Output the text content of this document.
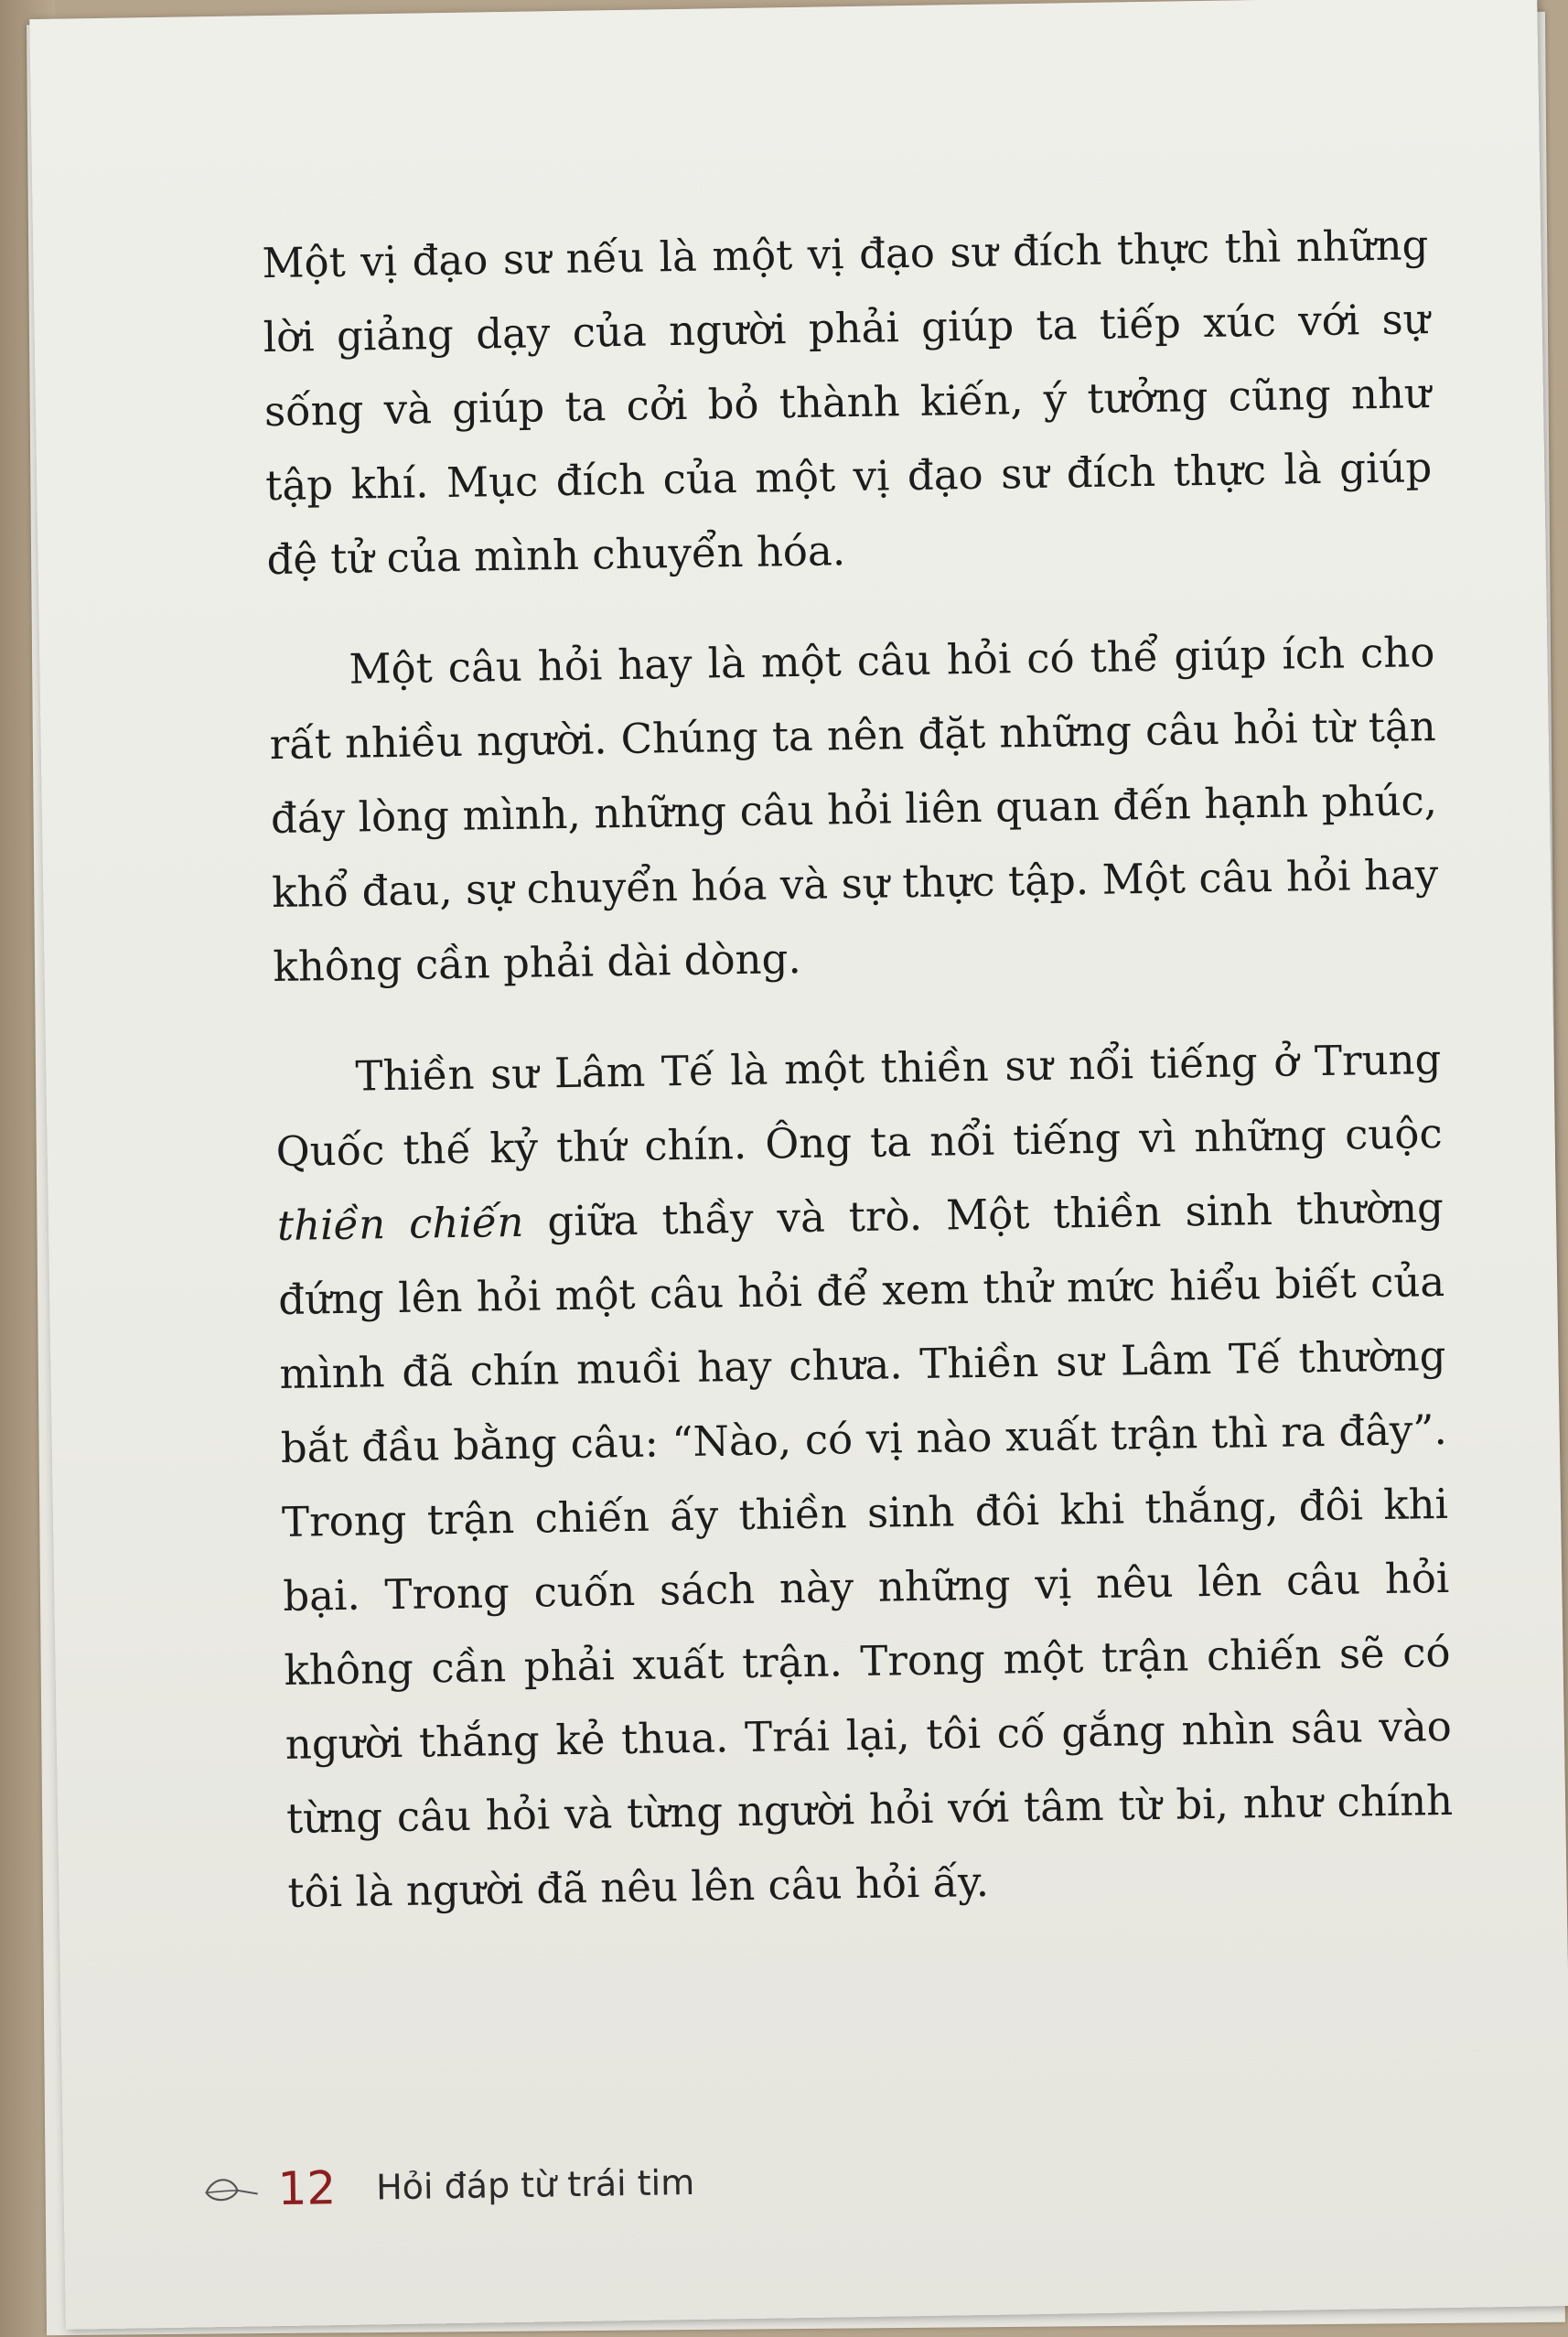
Một vị đạo sư nếu là một vị đạo sư đích thực thì những lời giảng dạy của người phải giúp ta tiếp xúc với sự sống và giúp ta cởi bỏ thành kiến, ý tưởng cũng như tập khí. Mục đích của một vị đạo sư đích thực là giúp đệ tử của mình chuyển hóa.

Một câu hỏi hay là một câu hỏi có thể giúp ích cho rất nhiều người. Chúng ta nên đặt những câu hỏi từ tận đáy lòng mình, những câu hỏi liên quan đến hạnh phúc, khổ đau, sự chuyển hóa và sự thực tập. Một câu hỏi hay không cần phải dài dòng.

Thiền sư Lâm Tế là một thiền sư nổi tiếng ở Trung Quốc thế kỷ thứ chín. Ông ta nổi tiếng vì những cuộc thiền chiến giữa thầy và trò. Một thiền sinh thường đứng lên hỏi một câu hỏi để xem thử mức hiểu biết của mình đã chín muồi hay chưa. Thiền sư Lâm Tế thường bắt đầu bằng câu: “Nào, có vị nào xuất trận thì ra đây”. Trong trận chiến ấy thiền sinh đôi khi thắng, đôi khi bại. Trong cuốn sách này những vị nêu lên câu hỏi không cần phải xuất trận. Trong một trận chiến sẽ có người thắng kẻ thua. Trái lại, tôi cố gắng nhìn sâu vào từng câu hỏi và từng người hỏi với tâm từ bi, như chính tôi là người đã nêu lên câu hỏi ấy.

12 Hỏi đáp từ trái tim
